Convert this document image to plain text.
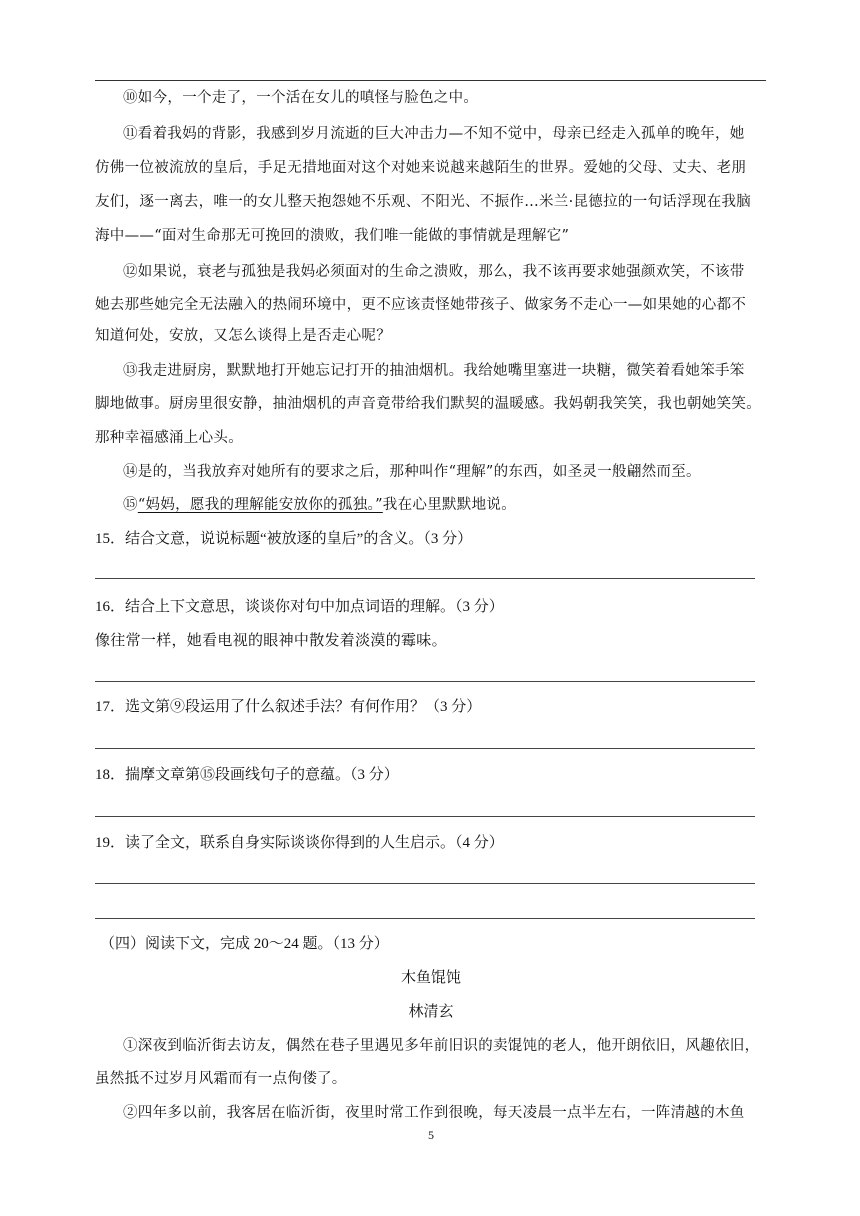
⑩如今，一个走了，一个活在女儿的嗔怪与脸色之中。
⑪看着我妈的背影，我感到岁月流逝的巨大冲击力—不知不觉中，母亲已经走入孤单的晚年，她
仿佛一位被流放的皇后，手足无措地面对这个对她来说越来越陌生的世界。爱她的父母、丈夫、老朋
友们，逐一离去，唯一的女儿整天抱怨她不乐观、不阳光、不振作…米兰·昆德拉的一句话浮现在我脑
海中——“面对生命那无可挽回的溃败，我们唯一能做的事情就是理解它”
⑫如果说，衰老与孤独是我妈必须面对的生命之溃败，那么，我不该再要求她强颜欢笑，不该带
她去那些她完全无法融入的热闹环境中，更不应该责怪她带孩子、做家务不走心一—如果她的心都不
知道何处，安放，又怎么谈得上是否走心呢？
⑬我走进厨房，默默地打开她忘记打开的抽油烟机。我给她嘴里塞进一块糖，微笑着看她笨手笨
脚地做事。厨房里很安静，抽油烟机的声音竟带给我们默契的温暖感。我妈朝我笑笑，我也朝她笑笑。
那种幸福感涌上心头。
⑭是的，当我放弃对她所有的要求之后，那种叫作“理解”的东西，如圣灵一般翩然而至。
⑮“妈妈，愿我的理解能安放你的孤独。”我在心里默默地说。
15．结合文意，说说标题“被放逐的皇后”的含义。（3 分）
16．结合上下文意思，谈谈你对句中加点词语的理解。（3 分）
像往常一样，她看电视的眼神中散发着淡漠的霉味。
17．选文第⑨段运用了什么叙述手法？有何作用？（3 分）
18．揣摩文章第⑮段画线句子的意蕴。（3 分）
19．读了全文，联系自身实际谈谈你得到的人生启示。（4 分）
（四）阅读下文，完成 20～24 题。（13 分）
木鱼馄饨
林清玄
①深夜到临沂街去访友，偶然在巷子里遇见多年前旧识的卖馄饨的老人，他开朗依旧，风趣依旧，
虽然抵不过岁月风霜而有一点佝偻了。
②四年多以前，我客居在临沂街，夜里时常工作到很晚，每天凌晨一点半左右，一阵清越的木鱼
5
